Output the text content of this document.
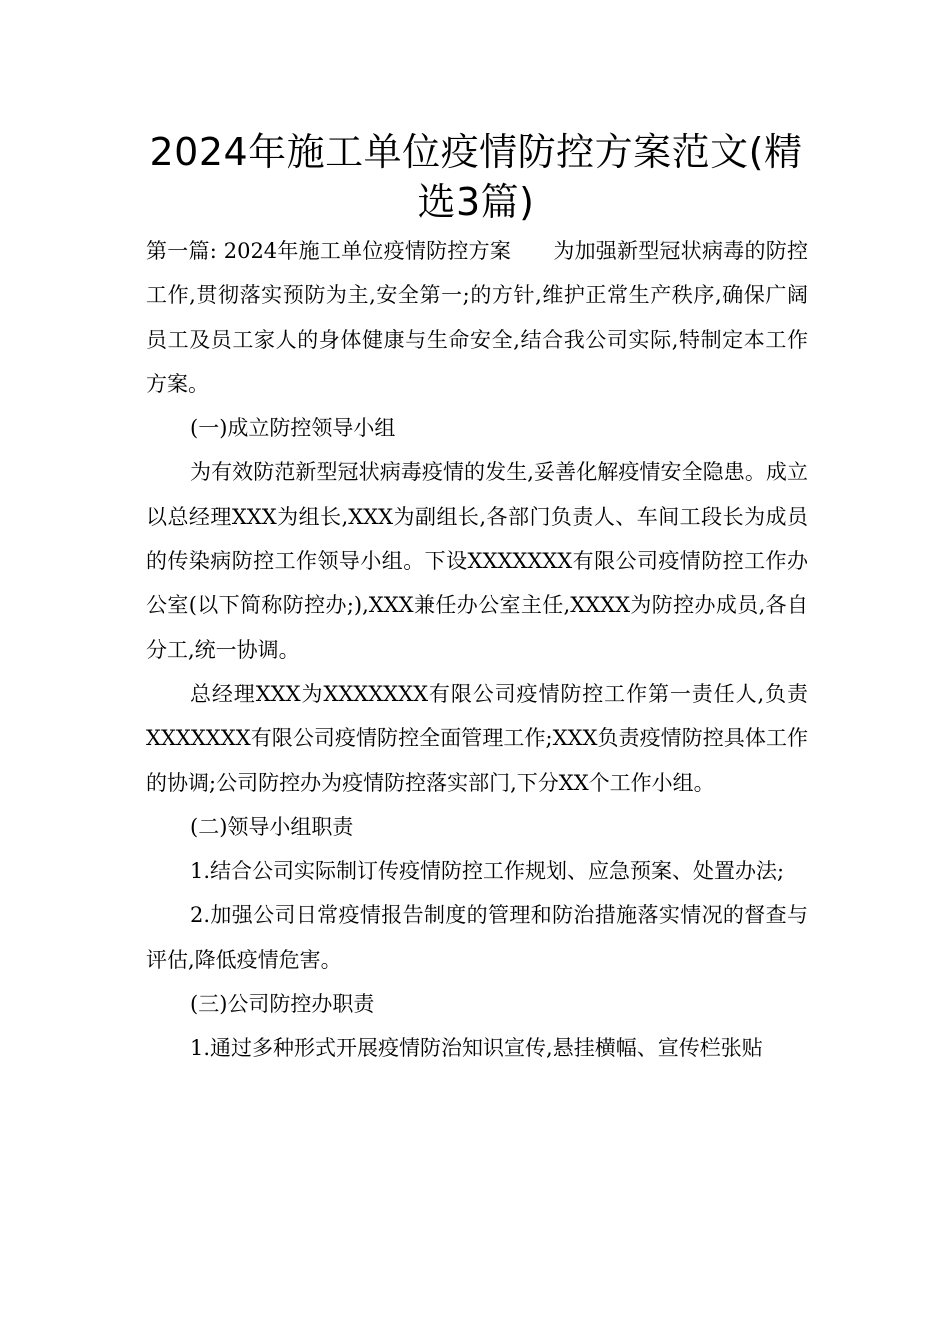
2024年施工单位疫情防控方案范文(精选3篇)

第一篇: 2024年施工单位疫情防控方案 为加强新型冠状病毒的防控工作,贯彻落实预防为主,安全第一;的方针,维护正常生产秩序,确保广阔员工及员工家人的身体健康与生命安全,结合我公司实际,特制定本工作方案。

(一)成立防控领导小组

为有效防范新型冠状病毒疫情的发生,妥善化解疫情安全隐患。成立以总经理XXX为组长,XXX为副组长,各部门负责人、车间工段长为成员的传染病防控工作领导小组。下设XXXXXXX有限公司疫情防控工作办公室(以下简称防控办;),XXX兼任办公室主任,XXXX为防控办成员,各自分工,统一协调。

总经理XXX为XXXXXXX有限公司疫情防控工作第一责任人,负责XXXXXXX有限公司疫情防控全面管理工作;XXX负责疫情防控具体工作的协调;公司防控办为疫情防控落实部门,下分XX个工作小组。

(二)领导小组职责

1.结合公司实际制订传疫情防控工作规划、应急预案、处置办法;

2.加强公司日常疫情报告制度的管理和防治措施落实情况的督查与评估,降低疫情危害。

(三)公司防控办职责

1.通过多种形式开展疫情防治知识宣传,悬挂横幅、宣传栏张贴
